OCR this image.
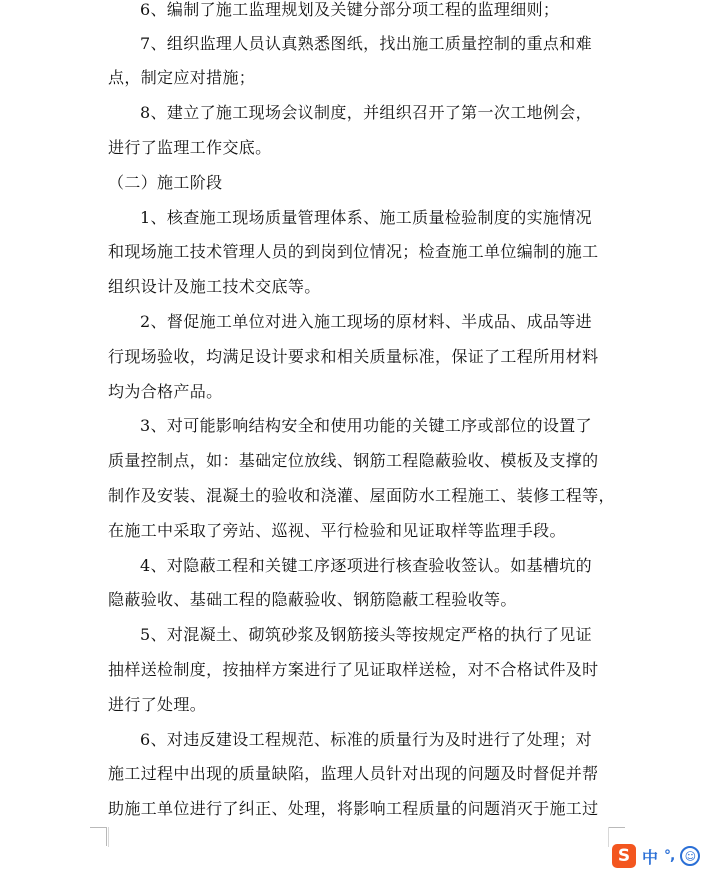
6、编制了施工监理规划及关键分部分项工程的监理细则；
7、组织监理人员认真熟悉图纸，找出施工质量控制的重点和难
点，制定应对措施；
8、建立了施工现场会议制度，并组织召开了第一次工地例会，
进行了监理工作交底。
（二）施工阶段
1、核查施工现场质量管理体系、施工质量检验制度的实施情况
和现场施工技术管理人员的到岗到位情况；检查施工单位编制的施工
组织设计及施工技术交底等。
2、督促施工单位对进入施工现场的原材料、半成品、成品等进
行现场验收，均满足设计要求和相关质量标准，保证了工程所用材料
均为合格产品。
3、对可能影响结构安全和使用功能的关键工序或部位的设置了
质量控制点，如：基础定位放线、钢筋工程隐蔽验收、模板及支撑的
制作及安装、混凝土的验收和浇灌、屋面防水工程施工、装修工程等，
在施工中采取了旁站、巡视、平行检验和见证取样等监理手段。
4、对隐蔽工程和关键工序逐项进行核查验收签认。如基槽坑的
隐蔽验收、基础工程的隐蔽验收、钢筋隐蔽工程验收等。
5、对混凝土、砌筑砂浆及钢筋接头等按规定严格的执行了见证
抽样送检制度，按抽样方案进行了见证取样送检，对不合格试件及时
进行了处理。
6、对违反建设工程规范、标准的质量行为及时进行了处理；对
施工过程中出现的质量缺陷，监理人员针对出现的问题及时督促并帮
助施工单位进行了纠正、处理，将影响工程质量的问题消灭于施工过
S 中 °, ☺
